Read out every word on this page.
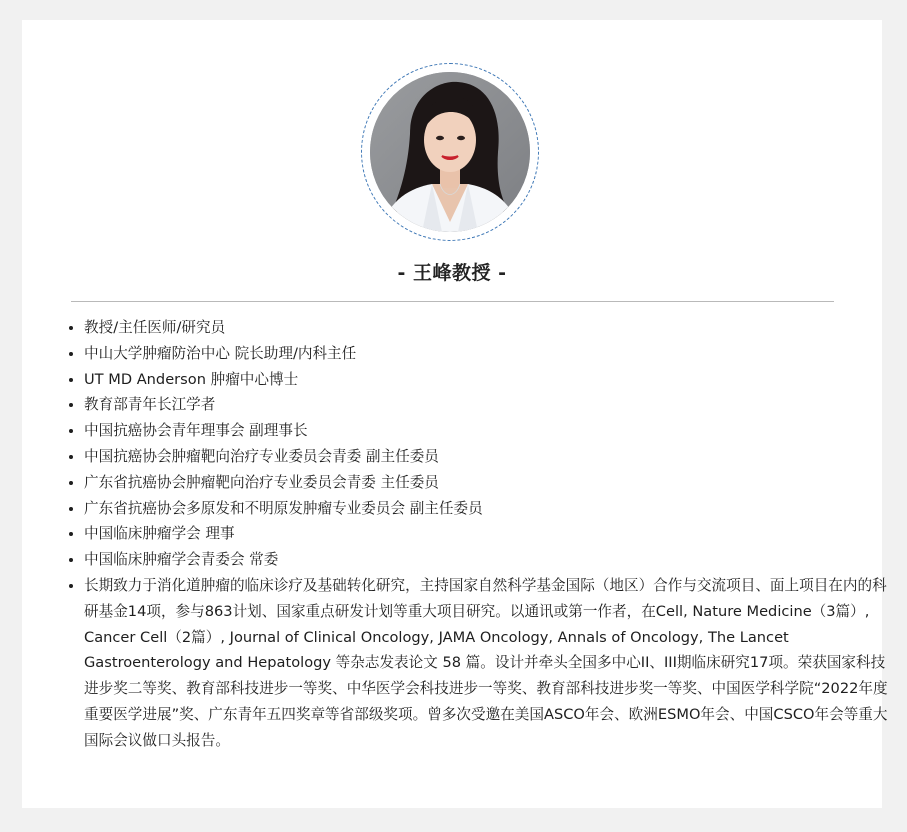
- 王峰教授 -
• 教授/主任医师/研究员
• 中山大学肿瘤防治中心 院长助理/内科主任
• UT MD Anderson 肿瘤中心博士
• 教育部青年长江学者
• 中国抗癌协会青年理事会 副理事长
• 中国抗癌协会肿瘤靶向治疗专业委员会青委 副主任委员
• 广东省抗癌协会肿瘤靶向治疗专业委员会青委 主任委员
• 广东省抗癌协会多原发和不明原发肿瘤专业委员会 副主任委员
• 中国临床肿瘤学会 理事
• 中国临床肿瘤学会青委会 常委
• 长期致力于消化道肿瘤的临床诊疗及基础转化研究，主持国家自然科学基金国际（地区）合作与交流项目、面上项目在内的科研基金14项，参与863计划、国家重点研发计划等重大项目研究。以通讯或第一作者，在Cell, Nature Medicine（3篇）, Cancer Cell（2篇）, Journal of Clinical Oncology, JAMA Oncology, Annals of Oncology, The Lancet Gastroenterology and Hepatology 等杂志发表论文 58 篇。设计并牵头全国多中心II、III期临床研究17项。荣获国家科技进步奖二等奖、教育部科技进步一等奖、中华医学会科技进步一等奖、教育部科技进步奖一等奖、中国医学科学院“2022年度重要医学进展”奖、广东青年五四奖章等省部级奖项。曾多次受邀在美国ASCO年会、欧洲ESMO年会、中国CSCO年会等重大国际会议做口头报告。
